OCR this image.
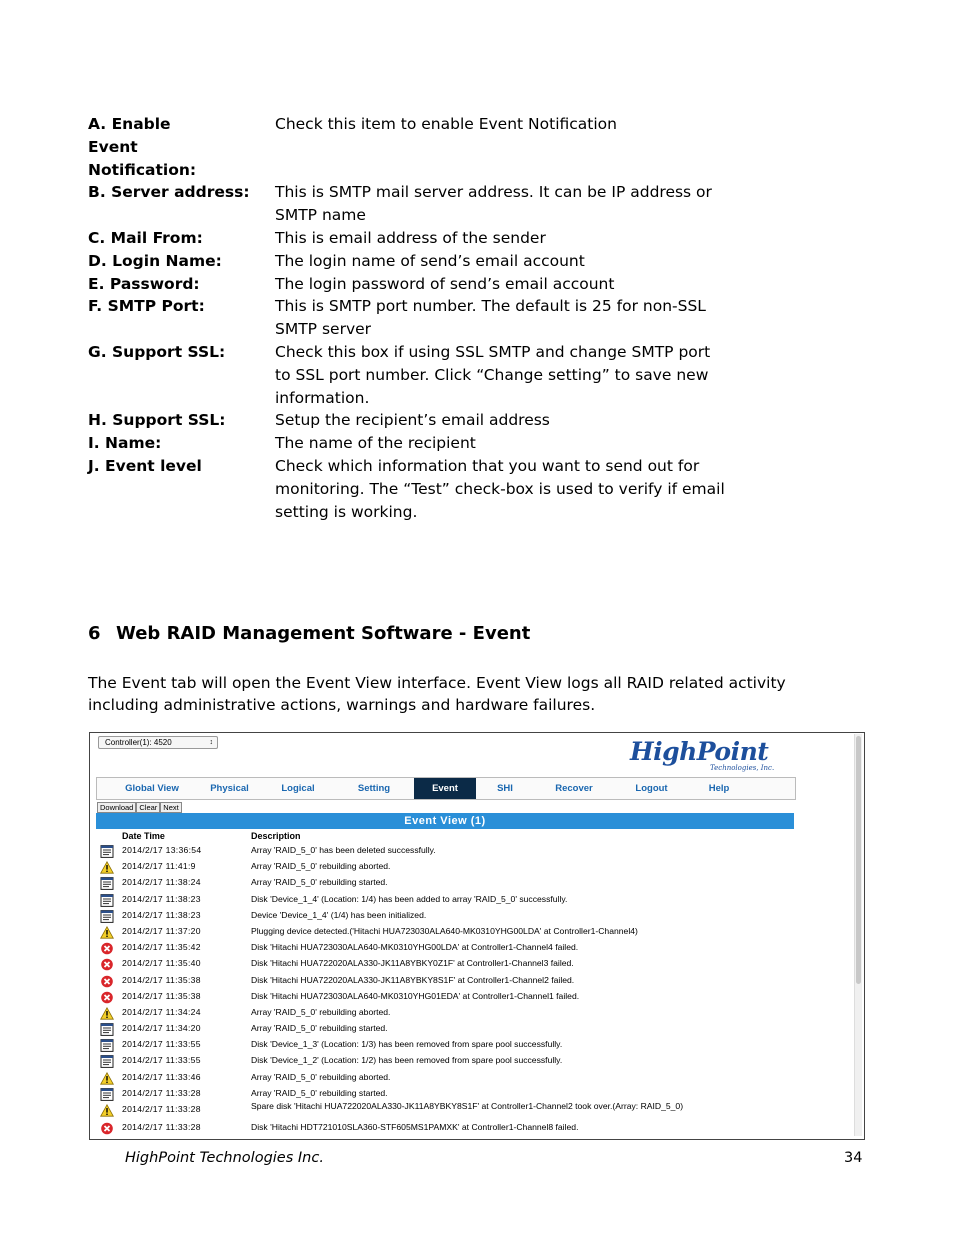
A. Enable Event Notification:
Check this item to enable Event Notification
B. Server address:	This is SMTP mail server address. It can be IP address or SMTP name
C. Mail From:	This is email address of the sender
D. Login Name:	The login name of send’s email account
E. Password:	The login password of send’s email account
F. SMTP Port:	This is SMTP port number. The default is 25 for non-SSL SMTP server
G. Support SSL:	Check this box if using SSL SMTP and change SMTP port to SSL port number. Click “Change setting” to save new information.
H. Support SSL:	Setup the recipient’s email address
I. Name:	The name of the recipient
J. Event level	Check which information that you want to send out for monitoring. The “Test” check-box is used to verify if email setting is working.
6 Web RAID Management Software - Event
The Event tab will open the Event View interface. Event View logs all RAID related activity including administrative actions, warnings and hardware failures.
Controller(1): 4520	↕	HighPoint
Technologies, Inc.
Global View	Physical	Logical	Setting	Event	SHI	Recover	Logout	Help
Download Clear Next
Event View (1)
Date Time	Description
2014/2/17 13:36:54	Array 'RAID_5_0' has been deleted successfully.
2014/2/17 11:41:9	Array 'RAID_5_0' rebuilding aborted.
2014/2/17 11:38:24	Array 'RAID_5_0' rebuilding started.
2014/2/17 11:38:23	Disk 'Device_1_4' (Location: 1/4) has been added to array 'RAID_5_0' successfully.
2014/2/17 11:38:23	Device 'Device_1_4' (1/4) has been initialized.
2014/2/17 11:37:20	Plugging device detected.('Hitachi HUA723030ALA640-MK0310YHG00LDA' at Controller1-Channel4)
2014/2/17 11:35:42	Disk 'Hitachi HUA723030ALA640-MK0310YHG00LDA' at Controller1-Channel4 failed.
2014/2/17 11:35:40	Disk 'Hitachi HUA722020ALA330-JK11A8YBKY0Z1F' at Controller1-Channel3 failed.
2014/2/17 11:35:38	Disk 'Hitachi HUA722020ALA330-JK11A8YBKY8S1F' at Controller1-Channel2 failed.
2014/2/17 11:35:38	Disk 'Hitachi HUA723030ALA640-MK0310YHG01EDA' at Controller1-Channel1 failed.
2014/2/17 11:34:24	Array 'RAID_5_0' rebuilding aborted.
2014/2/17 11:34:20	Array 'RAID_5_0' rebuilding started.
2014/2/17 11:33:55	Disk 'Device_1_3' (Location: 1/3) has been removed from spare pool successfully.
2014/2/17 11:33:55	Disk 'Device_1_2' (Location: 1/2) has been removed from spare pool successfully.
2014/2/17 11:33:46	Array 'RAID_5_0' rebuilding aborted.
2014/2/17 11:33:28	Array 'RAID_5_0' rebuilding started.
2014/2/17 11:33:28	Spare disk 'Hitachi HUA722020ALA330-JK11A8YBKY8S1F' at Controller1-Channel2 took over.(Array: RAID_5_0)
2014/2/17 11:33:28	Disk 'Hitachi HDT721010SLA360-STF605MS1PAMXK' at Controller1-Channel8 failed.
HighPoint Technologies Inc.	34
